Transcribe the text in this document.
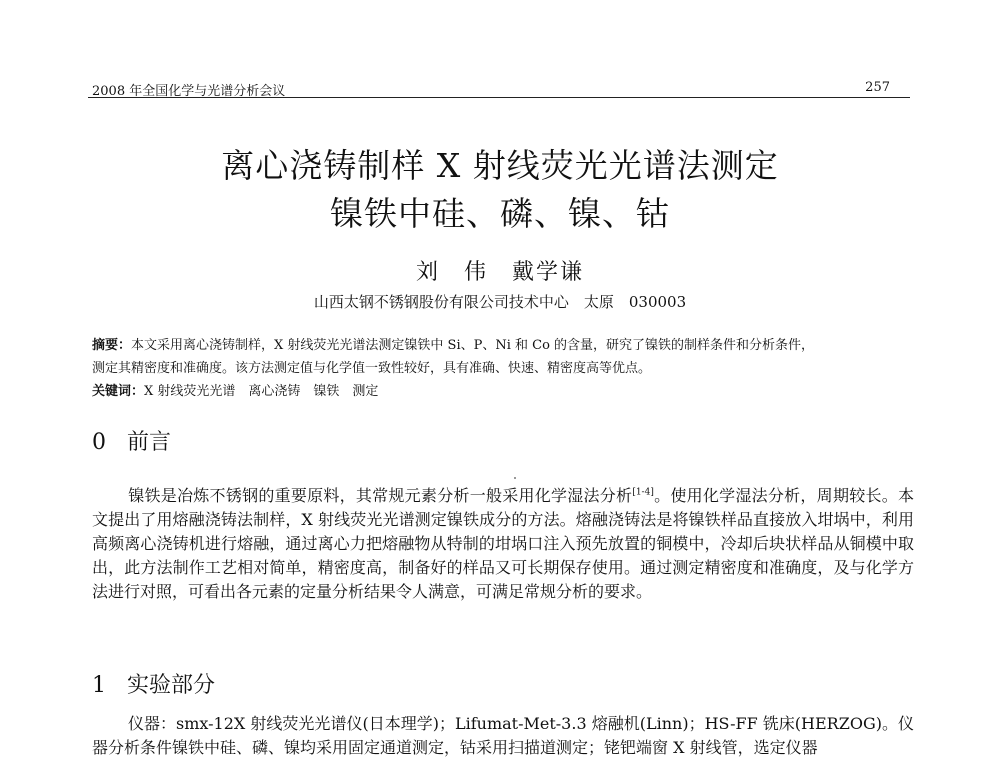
2008 年全国化学与光谱分析会议	257
离心浇铸制样 X 射线荧光光谱法测定
镍铁中硅、磷、镍、钴
刘　伟　戴学谦
山西太钢不锈钢股份有限公司技术中心　太原　030003
摘要：本文采用离心浇铸制样，X 射线荧光光谱法测定镍铁中 Si、P、Ni 和 Co 的含量，研究了镍铁的制样条件和分析条件，
测定其精密度和准确度。该方法测定值与化学值一致性较好，具有准确、快速、精密度高等优点。
关键词：X 射线荧光光谱　离心浇铸　镍铁　测定
0 前言
镍铁是冶炼不锈钢的重要原料，其常规元素分析一般采用化学湿法分析[1-4]。使用化学湿法分析，周期较长。本文提出了用熔融浇铸法制样，X 射线荧光光谱测定镍铁成分的方法。熔融浇铸法是将镍铁样品直接放入坩埚中，利用高频离心浇铸机进行熔融，通过离心力把熔融物从特制的坩埚口注入预先放置的铜模中，冷却后块状样品从铜模中取出，此方法制作工艺相对简单，精密度高，制备好的样品又可长期保存使用。通过测定精密度和准确度，及与化学方法进行对照，可看出各元素的定量分析结果令人满意，可满足常规分析的要求。
1 实验部分
仪器：smx-12X 射线荧光光谱仪(日本理学)；Lifumat-Met-3.3 熔融机(Linn)；HS-FF 铣床(HERZOG)。仪器分析条件镍铁中硅、磷、镍均采用固定通道测定，钴采用扫描道测定；铑钯端窗 X 射线管，选定仪器
